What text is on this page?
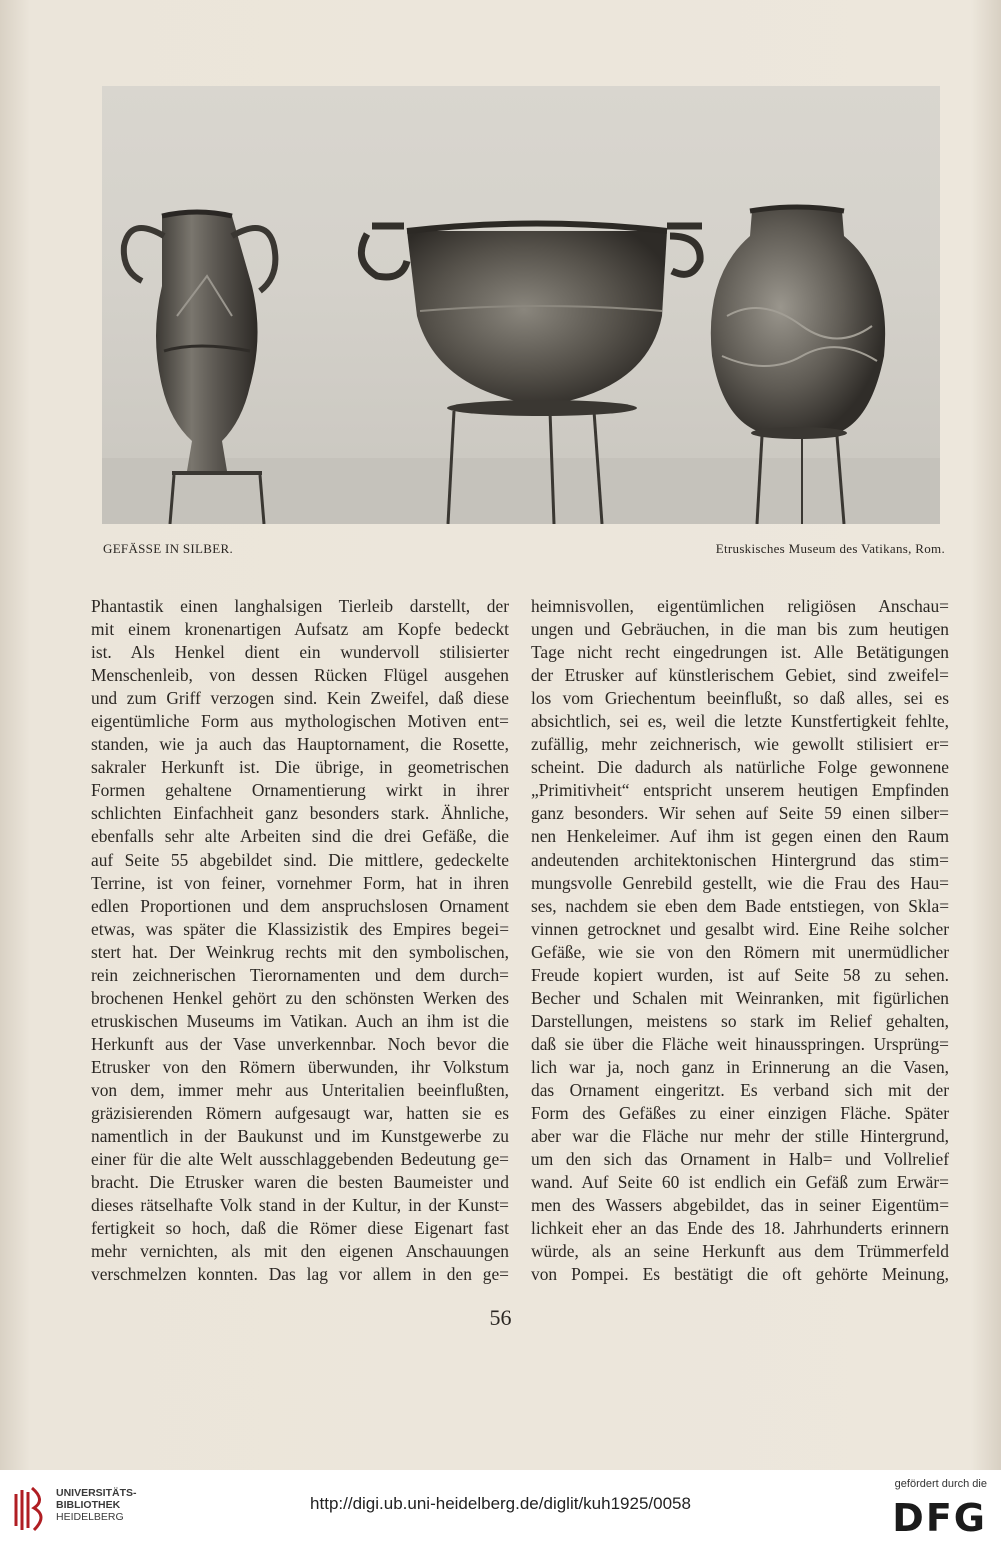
GEFÄSSE IN SILBER.	Etruskisches Museum des Vatikans, Rom.
Phantastik einen langhalsigen Tierleib darstellt, der
mit einem kronenartigen Aufsatz am Kopfe bedeckt
ist. Als Henkel dient ein wundervoll stilisierter
Menschenleib, von dessen Rücken Flügel ausgehen
und zum Griff verzogen sind. Kein Zweifel, daß diese
eigentümliche Form aus mythologischen Motiven ent=
standen, wie ja auch das Hauptornament, die Rosette,
sakraler Herkunft ist. Die übrige, in geometrischen
Formen gehaltene Ornamentierung wirkt in ihrer
schlichten Einfachheit ganz besonders stark. Ähnliche,
ebenfalls sehr alte Arbeiten sind die drei Gefäße, die
auf Seite 55 abgebildet sind. Die mittlere, gedeckelte
Terrine, ist von feiner, vornehmer Form, hat in ihren
edlen Proportionen und dem anspruchslosen Ornament
etwas, was später die Klassizistik des Empires begei=
stert hat. Der Weinkrug rechts mit den symbolischen,
rein zeichnerischen Tierornamenten und dem durch=
brochenen Henkel gehört zu den schönsten Werken des
etruskischen Museums im Vatikan. Auch an ihm ist die
Herkunft aus der Vase unverkennbar. Noch bevor die
Etrusker von den Römern überwunden, ihr Volkstum
von dem, immer mehr aus Unteritalien beeinflußten,
gräzisierenden Römern aufgesaugt war, hatten sie es
namentlich in der Baukunst und im Kunstgewerbe zu
einer für die alte Welt ausschlaggebenden Bedeutung ge=
bracht. Die Etrusker waren die besten Baumeister und
dieses rätselhafte Volk stand in der Kultur, in der Kunst=
fertigkeit so hoch, daß die Römer diese Eigenart fast
mehr vernichten, als mit den eigenen Anschauungen
verschmelzen konnten. Das lag vor allem in den ge=
heimnisvollen, eigentümlichen religiösen Anschau=
ungen und Gebräuchen, in die man bis zum heutigen
Tage nicht recht eingedrungen ist. Alle Betätigungen
der Etrusker auf künstlerischem Gebiet, sind zweifel=
los vom Griechentum beeinflußt, so daß alles, sei es
absichtlich, sei es, weil die letzte Kunstfertigkeit fehlte,
zufällig, mehr zeichnerisch, wie gewollt stilisiert er=
scheint. Die dadurch als natürliche Folge gewonnene
„Primitivheit“ entspricht unserem heutigen Empfinden
ganz besonders. Wir sehen auf Seite 59 einen silber=
nen Henkeleimer. Auf ihm ist gegen einen den Raum
andeutenden architektonischen Hintergrund das stim=
mungsvolle Genrebild gestellt, wie die Frau des Hau=
ses, nachdem sie eben dem Bade entstiegen, von Skla=
vinnen getrocknet und gesalbt wird. Eine Reihe solcher
Gefäße, wie sie von den Römern mit unermüdlicher
Freude kopiert wurden, ist auf Seite 58 zu sehen.
Becher und Schalen mit Weinranken, mit figürlichen
Darstellungen, meistens so stark im Relief gehalten,
daß sie über die Fläche weit hinausspringen. Ursprüng=
lich war ja, noch ganz in Erinnerung an die Vasen,
das Ornament eingeritzt. Es verband sich mit der
Form des Gefäßes zu einer einzigen Fläche. Später
aber war die Fläche nur mehr der stille Hintergrund,
um den sich das Ornament in Halb= und Vollrelief
wand. Auf Seite 60 ist endlich ein Gefäß zum Erwär=
men des Wassers abgebildet, das in seiner Eigentüm=
lichkeit eher an das Ende des 18. Jahrhunderts erinnern
würde, als an seine Herkunft aus dem Trümmerfeld
von Pompei. Es bestätigt die oft gehörte Meinung,
56
UNIVERSITÄTS-
BIBLIOTHEK
HEIDELBERG
http://digi.ub.uni-heidelberg.de/diglit/kuh1925/0058
gefördert durch die
DFG
